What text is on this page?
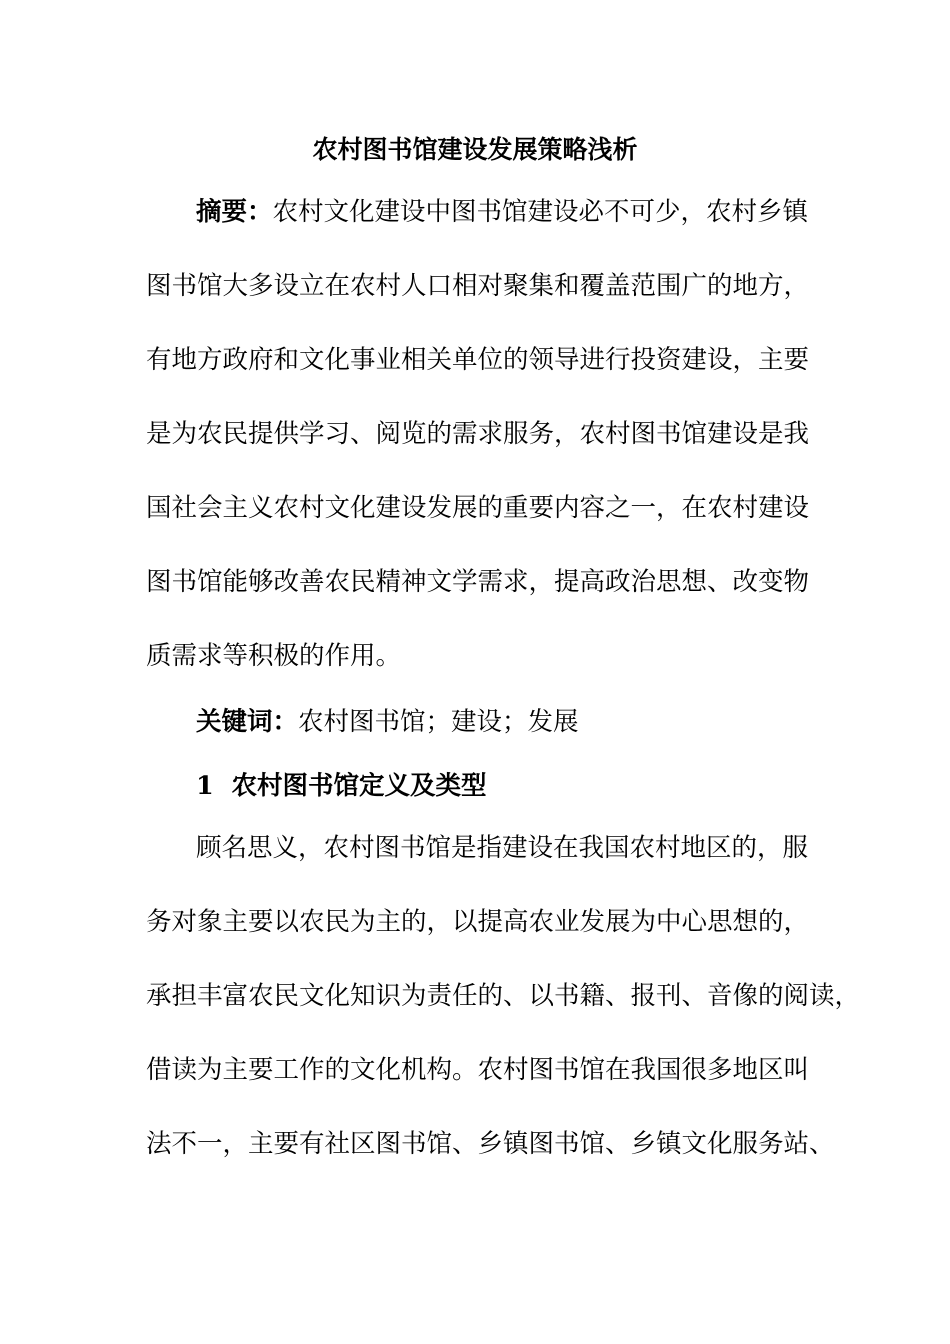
农村图书馆建设发展策略浅析
摘要：农村文化建设中图书馆建设必不可少，农村乡镇
图书馆大多设立在农村人口相对聚集和覆盖范围广的地方，
有地方政府和文化事业相关单位的领导进行投资建设，主要
是为农民提供学习、阅览的需求服务，农村图书馆建设是我
国社会主义农村文化建设发展的重要内容之一，在农村建设
图书馆能够改善农民精神文学需求，提高政治思想、改变物
质需求等积极的作用。
关键词：农村图书馆；建设；发展
1  农村图书馆定义及类型
顾名思义，农村图书馆是指建设在我国农村地区的，服
务对象主要以农民为主的，以提高农业发展为中心思想的，
承担丰富农民文化知识为责任的、以书籍、报刊、音像的阅读，
借读为主要工作的文化机构。农村图书馆在我国很多地区叫
法不一，主要有社区图书馆、乡镇图书馆、乡镇文化服务站、
